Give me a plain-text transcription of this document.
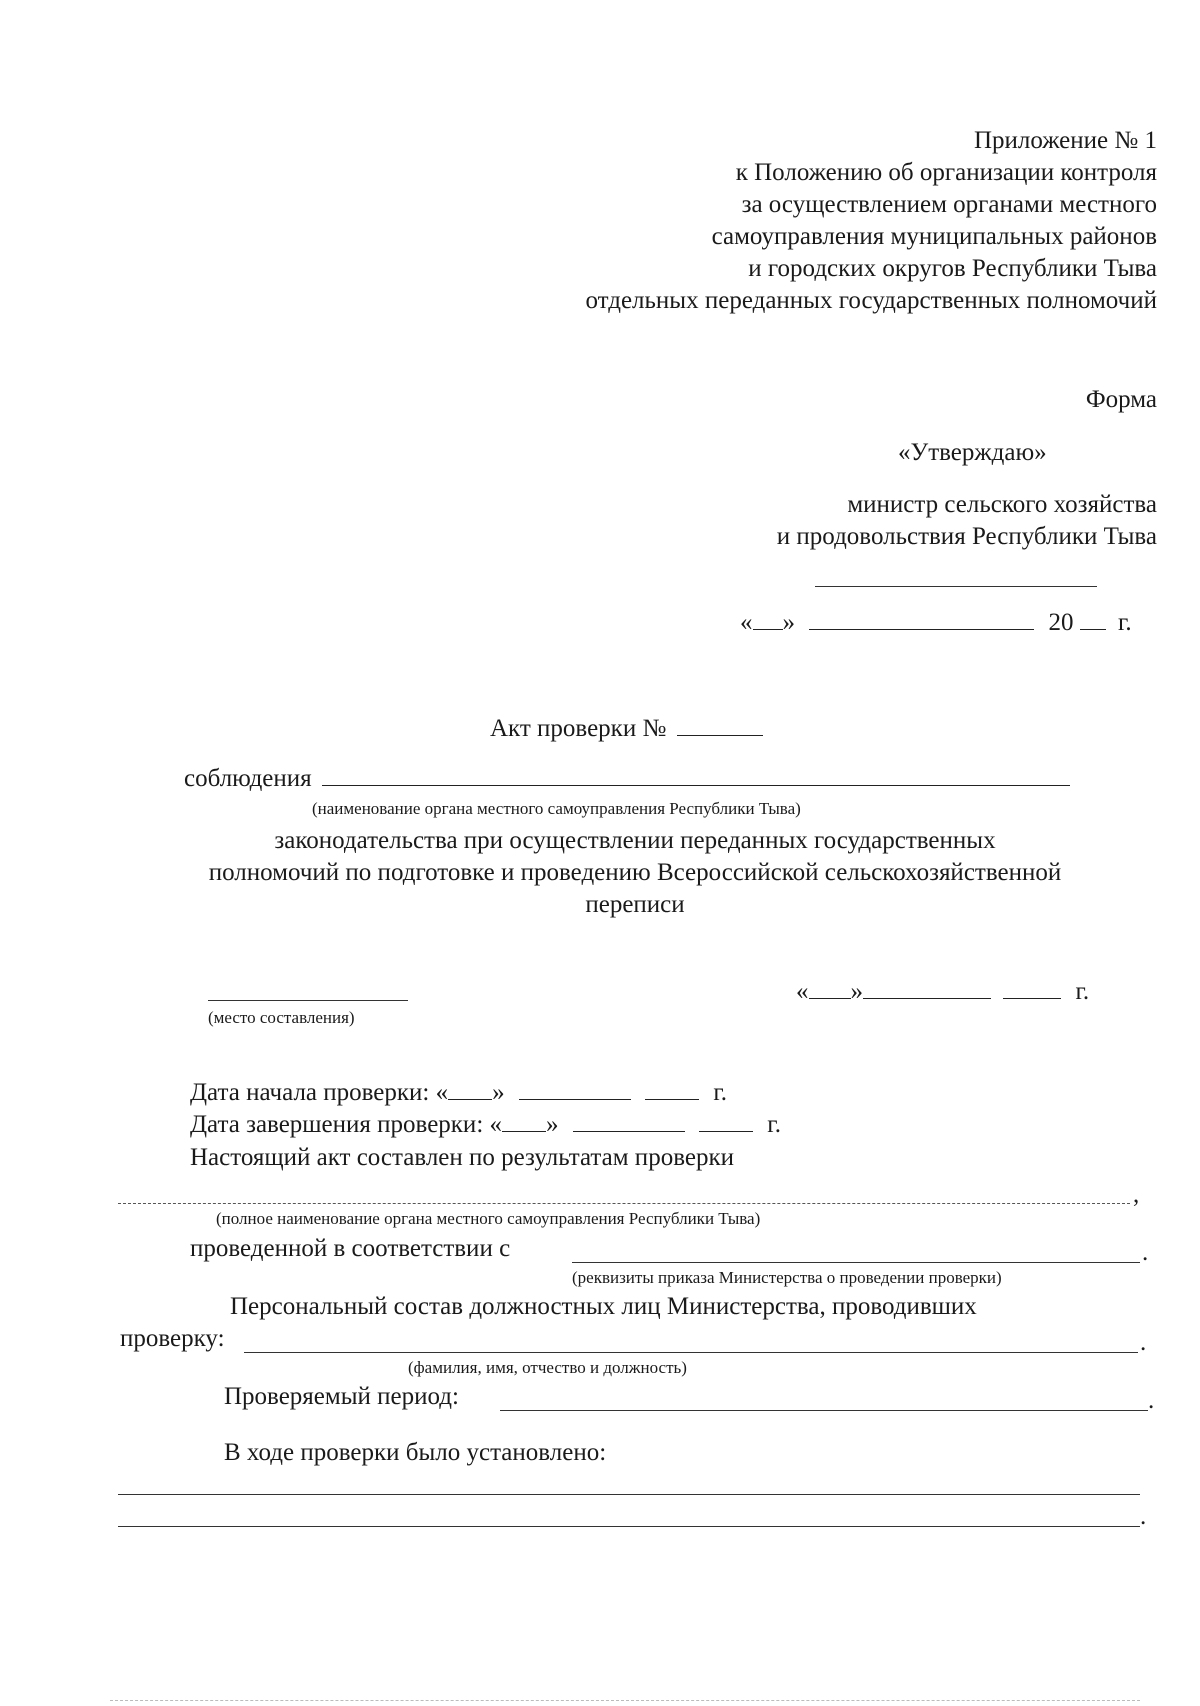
Приложение № 1
к Положению об организации контроля
за осуществлением органами местного
самоуправления муниципальных районов
и городских округов Республики Тыва
отдельных переданных государственных полномочий
Форма
«Утверждаю»
министр сельского хозяйства
и продовольствия Республики Тыва
« »	20 г.
Акт проверки №
соблюдения
(наименование органа местного самоуправления Республики Тыва)
законодательства при осуществлении переданных государственных
полномочий по подготовке и проведению Всероссийской сельскохозяйственной
переписи
(место составления)
« »	г.
Дата начала проверки: « »	г.
Дата завершения проверки: « »	г.
Настоящий акт составлен по результатам проверки
,
(полное наименование органа местного самоуправления Республики Тыва)
проведенной в соответствии с	.
(реквизиты приказа Министерства о проведении проверки)
Персональный состав должностных лиц Министерства, проводивших
проверку:	.
(фамилия, имя, отчество и должность)
Проверяемый период:	.
В ходе проверки было установлено:
.
